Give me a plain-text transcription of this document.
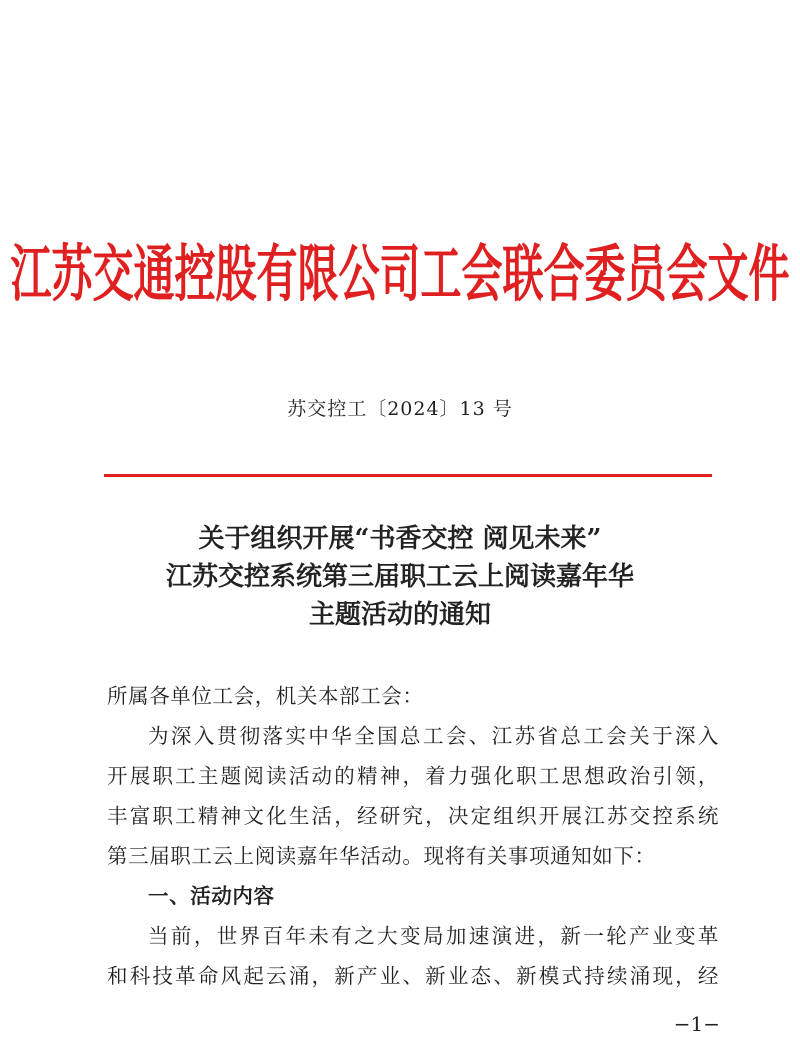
江苏交通控股有限公司工会联合委员会文件
苏交控工〔2024〕13 号
关于组织开展“书香交控 阅见未来”
江苏交控系统第三届职工云上阅读嘉年华
主题活动的通知
所属各单位工会，机关本部工会：
为深入贯彻落实中华全国总工会、江苏省总工会关于深入
开展职工主题阅读活动的精神，着力强化职工思想政治引领，
丰富职工精神文化生活，经研究，决定组织开展江苏交控系统
第三届职工云上阅读嘉年华活动。现将有关事项通知如下：
一、活动内容
当前，世界百年未有之大变局加速演进，新一轮产业变革
和科技革命风起云涌，新产业、新业态、新模式持续涌现，经
−1−
